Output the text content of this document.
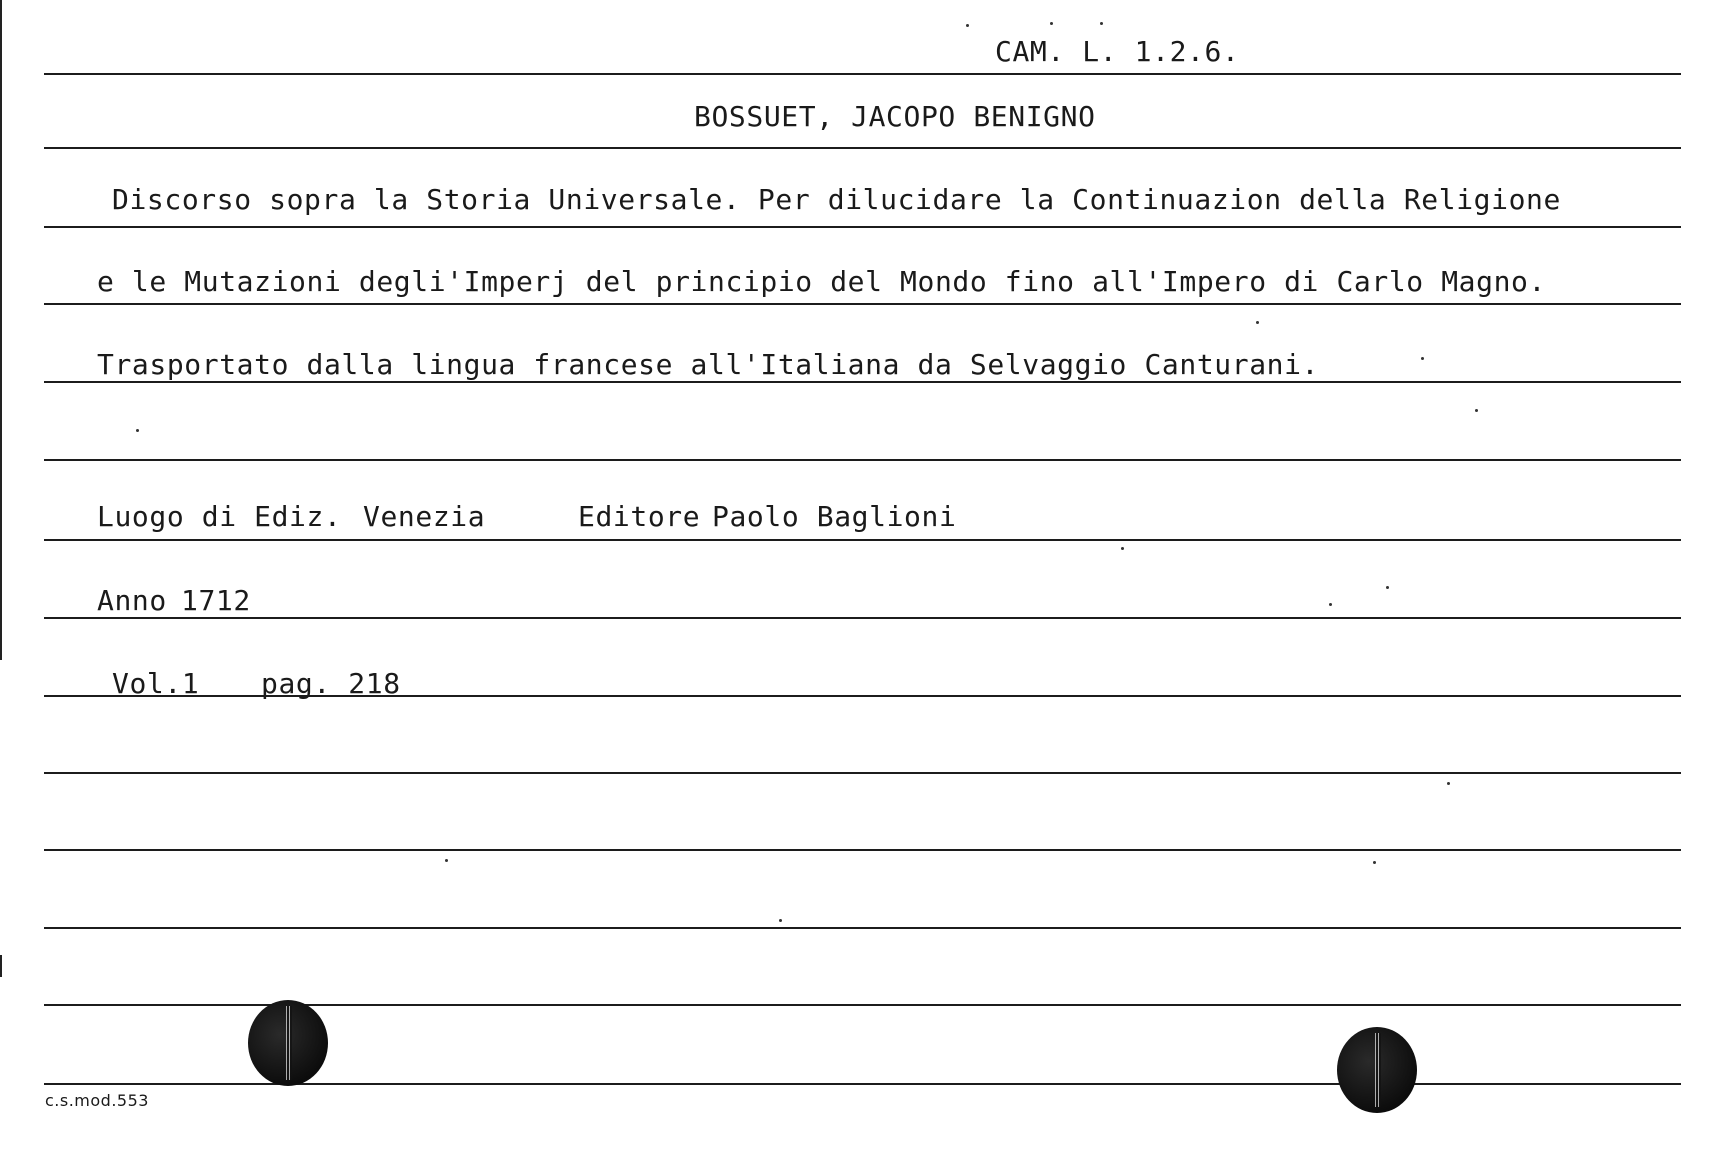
CAM. L. 1.2.6.
BOSSUET, JACOPO BENIGNO
Discorso sopra la Storia Universale. Per dilucidare la Continuazion della Religione
e le Mutazioni degli'Imperj del principio del Mondo fino all'Impero di Carlo Magno.
Trasportato dalla lingua francese all'Italiana da Selvaggio Canturani.
Luogo di Ediz. Venezia	Editore Paolo Baglioni
Anno 1712
Vol.1 pag. 218
c.s.mod.553
